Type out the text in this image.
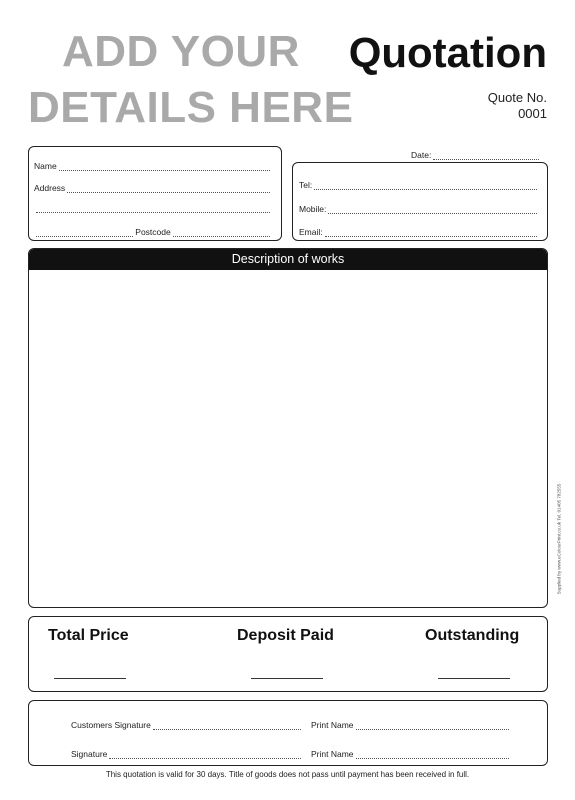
ADD YOUR
DETAILS HERE
Quotation
Quote No.
0001
Date:
Name
Address
Postcode
Tel:
Mobile:
Email:
Description of works
Supplied by www.eColourPrint.co.uk Tel. 01405 782555
Total Price	Deposit Paid	Outstanding
Customers Signature	Print Name
Signature	Print Name
This quotation is valid for 30 days. Title of goods does not pass until payment has been received in full.
